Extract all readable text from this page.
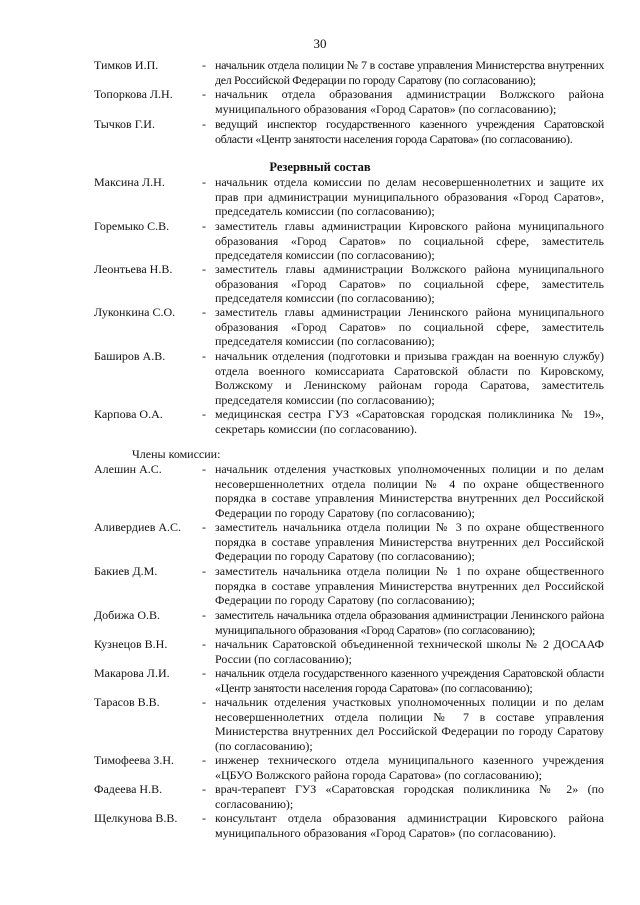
30
Тимков И.П.	- начальник отдела полиции № 7 в составе управления Министерства внутренних дел Российской Федерации по городу Саратову (по согласованию);
Топоркова Л.Н.	- начальник отдела образования администрации Волжского района муниципального образования «Город Саратов» (по согласованию);
Тычков Г.И.	- ведущий инспектор государственного казенного учреждения Саратовской области «Центр занятости населения города Саратова» (по согласованию).
Резервный состав
Максина Л.Н.	- начальник отдела комиссии по делам несовершеннолетних и защите их прав при администрации муниципального образования «Город Саратов», председатель комиссии (по согласованию);
Горемыко С.В.	- заместитель главы администрации Кировского района муниципального образования «Город Саратов» по социальной сфере, заместитель председателя комиссии (по согласованию);
Леонтьева Н.В.	- заместитель главы администрации Волжского района муниципального образования «Город Саратов» по социальной сфере, заместитель председателя комиссии (по согласованию);
Луконкина С.О.	- заместитель главы администрации Ленинского района муниципального образования «Город Саратов» по социальной сфере, заместитель председателя комиссии (по согласованию);
Баширов А.В.	- начальник отделения (подготовки и призыва граждан на военную службу) отдела военного комиссариата Саратовской области по Кировскому, Волжскому и Ленинскому районам города Саратова, заместитель председателя комиссии (по согласованию);
Карпова О.А.	- медицинская сестра ГУЗ «Саратовская городская поликлиника № 19», секретарь комиссии (по согласованию).
Члены комиссии:
Алешин А.С.	- начальник отделения участковых уполномоченных полиции и по делам несовершеннолетних отдела полиции № 4 по охране общественного порядка в составе управления Министерства внутренних дел Российской Федерации по городу Саратову (по согласованию);
Аливердиев А.С.	- заместитель начальника отдела полиции № 3 по охране общественного порядка в составе управления Министерства внутренних дел Российской Федерации по городу Саратову (по согласованию);
Бакиев Д.М.	- заместитель начальника отдела полиции № 1 по охране общественного порядка в составе управления Министерства внутренних дел Российской Федерации по городу Саратову (по согласованию);
Добижа О.В.	- заместитель начальника отдела образования администрации Ленинского района муниципального образования «Город Саратов» (по согласованию);
Кузнецов В.Н.	- начальник Саратовской объединенной технической школы № 2 ДОСААФ России (по согласованию);
Макарова Л.И.	- начальник отдела государственного казенного учреждения Саратовской области «Центр занятости населения города Саратова» (по согласованию);
Тарасов В.В.	- начальник отделения участковых уполномоченных полиции и по делам несовершеннолетних отдела полиции № 7 в составе управления Министерства внутренних дел Российской Федерации по городу Саратову (по согласованию);
Тимофеева З.Н.	- инженер технического отдела муниципального казенного учреждения «ЦБУО Волжского района города Саратова» (по согласованию);
Фадеева Н.В.	- врач-терапевт ГУЗ «Саратовская городская поликлиника № 2» (по согласованию);
Щелкунова В.В.	- консультант отдела образования администрации Кировского района муниципального образования «Город Саратов» (по согласованию).
